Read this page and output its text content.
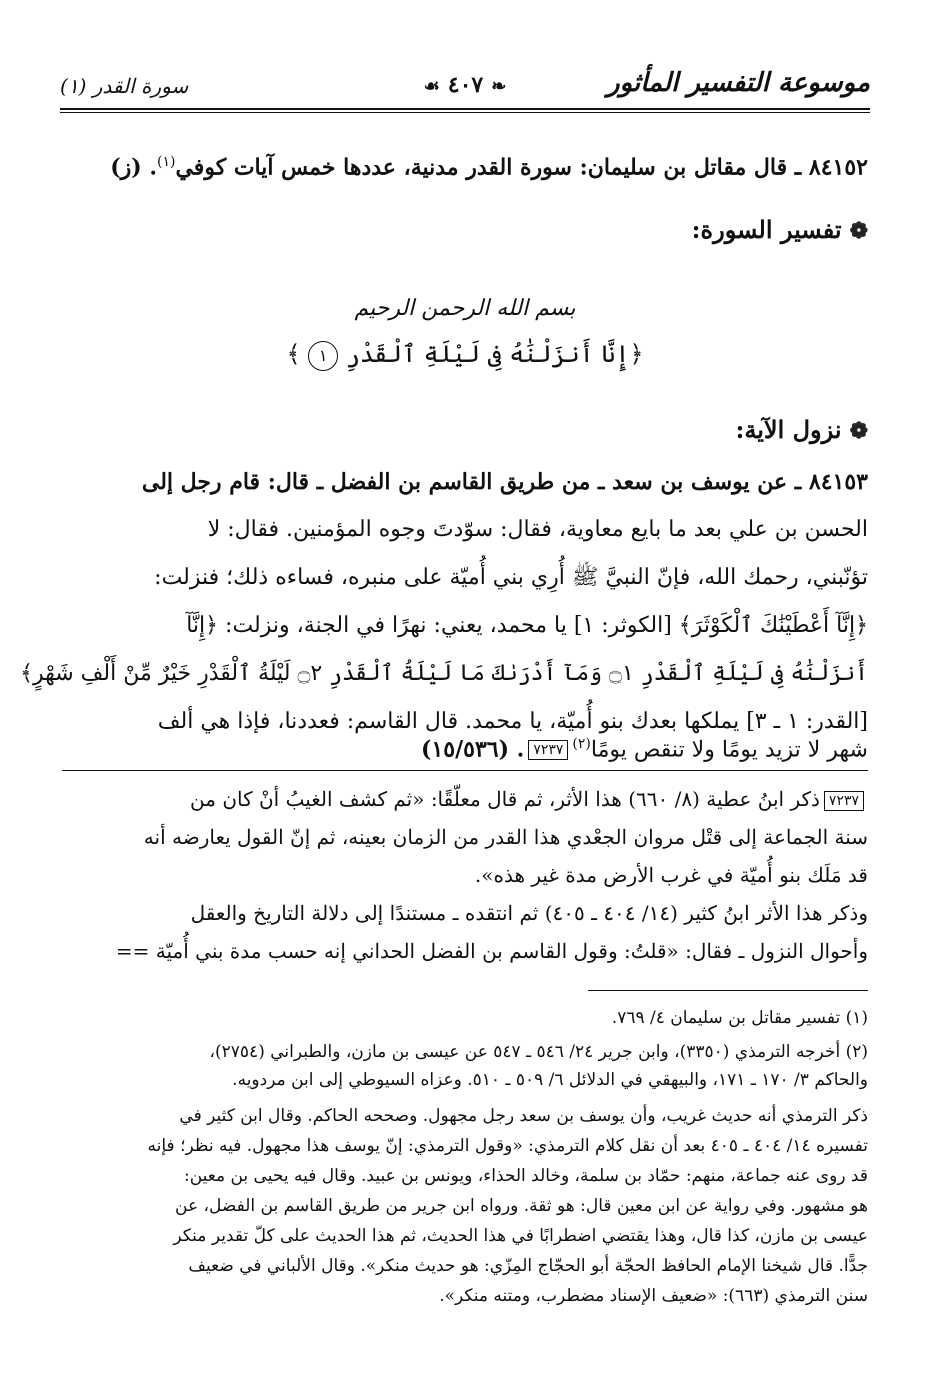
موسوعة التفسير المأثور
❧٤٠٧☙
سورة القدر (١)
٨٤١٥٢ ـ قال مقاتل بن سليمان: سورة القدر مدنية، عددها خمس آيات كوفي$^{(١)}$. (ز)
❁تفسير السورة:
بسم الله الرحمن الرحيم
﴿إِنَّا أَنزَلْنَٰهُ فِى لَيْلَةِ ٱلْقَدْرِ ١ ﴾
❁نزول الآية:
٨٤١٥٣ ـ عن يوسف بن سعد ـ من طريق القاسم بن الفضل ـ قال: قام رجل إلى
الحسن بن علي بعد ما بايع معاوية، فقال: سوّدتَ وجوه المؤمنين. فقال: لا
تؤنّبني، رحمك الله، فإنّ النبيَّ ﷺ أُرِي بني أُميّة على منبره، فساءه ذلك؛ فنزلت:
﴿إِنَّآ أَعْطَيْنَٰكَ ٱلْكَوْثَرَ﴾ [الكوثر: ١] يا محمد، يعني: نهرًا في الجنة، ونزلت: ﴿إِنَّآ
أَنزَلْنَٰهُ فِى لَيْلَةِ ٱلْقَدْرِ ۝١ وَمَآ أَدْرَىٰكَ مَا لَيْلَةُ ٱلْقَدْرِ ۝٢ لَيْلَةُ ٱلْقَدْرِ خَيْرٌ مِّنْ أَلْفِ شَهْرٍ﴾
[القدر: ١ ـ ٣] يملكها بعدك بنو أُميّة، يا محمد. قال القاسم: فعددنا، فإذا هي ألف
شهر لا تزيد يومًا ولا تنقص يومًا$^{(٢)}$٧٢٣٧. (١٥/٥٣٦)
٧٢٣٧ذكر ابنُ عطية (٨/ ٦٦٠) هذا الأثر، ثم قال معلّقًا: «ثم كشف الغيبُ أنْ كان من
سنة الجماعة إلى قتْل مروان الجعْدي هذا القدر من الزمان بعينه، ثم إنّ القول يعارضه أنه
قد مَلَك بنو أُميّة في غرب الأرض مدة غير هذه».
وذكر هذا الأثر ابنُ كثير (١٤/ ٤٠٤ ـ ٤٠٥) ثم انتقده ـ مستندًا إلى دلالة التاريخ والعقل
وأحوال النزول ـ فقال: «قلتُ: وقول القاسم بن الفضل الحداني إنه حسب مدة بني أُميّة ==
(١) تفسير مقاتل بن سليمان ٤/ ٧٦٩.
(٢) أخرجه الترمذي (٣٣٥٠)، وابن جرير ٢٤/ ٥٤٦ ـ ٥٤٧ عن عيسى بن مازن، والطبراني (٢٧٥٤)،
والحاكم ٣/ ١٧٠ ـ ١٧١، والبيهقي في الدلائل ٦/ ٥٠٩ ـ ٥١٠. وعزاه السيوطي إلى ابن مردويه.
ذكر الترمذي أنه حديث غريب، وأن يوسف بن سعد رجل مجهول. وصححه الحاكم. وقال ابن كثير في
تفسيره ١٤/ ٤٠٤ ـ ٤٠٥ بعد أن نقل كلام الترمذي: «وقول الترمذي: إنّ يوسف هذا مجهول. فيه نظر؛ فإنه
قد روى عنه جماعة، منهم: حمّاد بن سلمة، وخالد الحذاء، ويونس بن عبيد. وقال فيه يحيى بن معين:
هو مشهور. وفي رواية عن ابن معين قال: هو ثقة. ورواه ابن جرير من طريق القاسم بن الفضل، عن
عيسى بن مازن، كذا قال، وهذا يقتضي اضطرابًا في هذا الحديث، ثم هذا الحديث على كلّ تقدير منكر
جدًّا. قال شيخنا الإمام الحافظ الحجّة أبو الحجّاج المِزّي: هو حديث منكر». وقال الألباني في ضعيف
سنن الترمذي (٦٦٣): «ضعيف الإسناد مضطرب، ومتنه منكر».
